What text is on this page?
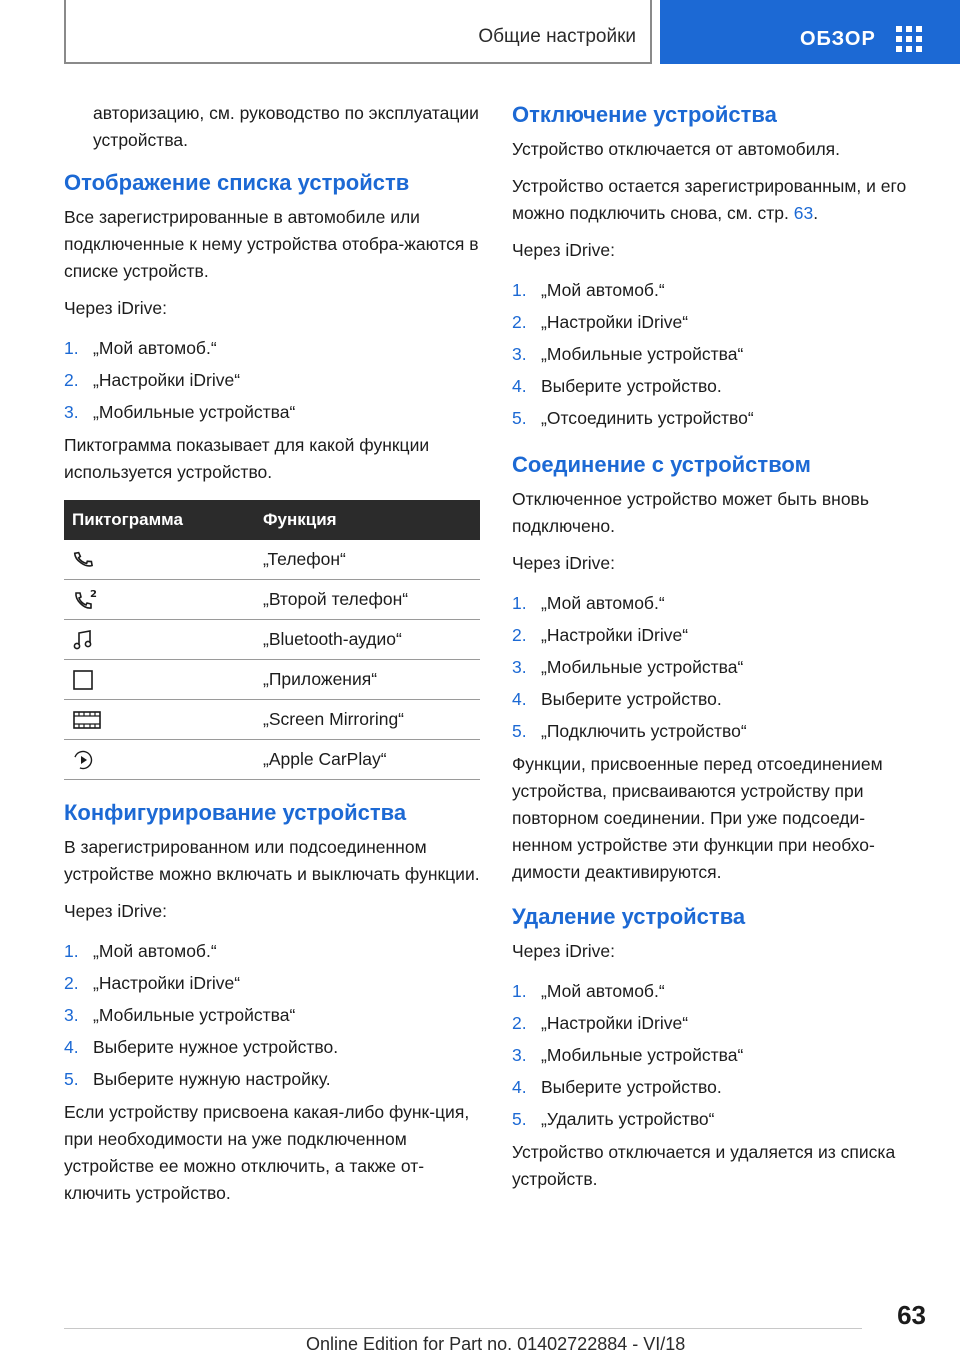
Общие настройки	ОБЗОР

авторизацию, см. руководство по эксплуатации устройства.

Отображение списка устройств

Все зарегистрированные в автомобиле или подключенные к нему устройства отобра-жаются в списке устройств.

Через iDrive:

1. „Мой автомоб.“
2. „Настройки iDrive“
3. „Мобильные устройства“

Пиктограмма показывает для какой функции используется устройство.

Пиктограмма	Функция

	„Телефон“

2	„Второй телефон“

	„Bluetooth-аудио“

	„Приложения“

	„Screen Mirroring“

	„Apple CarPlay“
Конфигурирование устройства

В зарегистрированном или подсоединенном устройстве можно включать и выключать функции.

Через iDrive:

1. „Мой автомоб.“
2. „Настройки iDrive“
3. „Мобильные устройства“
4. Выберите нужное устройство.
5. Выберите нужную настройку.

Если устройству присвоена какая-либо функ-ция, при необходимости на уже подключенном устройстве ее можно отключить, а также от-ключить устройство.

Отключение устройства

Устройство отключается от автомобиля.

Устройство остается зарегистрированным, и его можно подключить снова, см. стр. 63.

Через iDrive:

1. „Мой автомоб.“
2. „Настройки iDrive“
3. „Мобильные устройства“
4. Выберите устройство.
5. „Отсоединить устройство“
Соединение с устройством

Отключенное устройство может быть вновь подключено.

Через iDrive:

1. „Мой автомоб.“
2. „Настройки iDrive“
3. „Мобильные устройства“
4. Выберите устройство.
5. „Подключить устройство“

Функции, присвоенные перед отсоединением устройства, присваиваются устройству при повторном соединении. При уже подсоеди-ненном устройстве эти функции при необхо-димости деактивируются.

Удаление устройства

Через iDrive:

1. „Мой автомоб.“
2. „Настройки iDrive“
3. „Мобильные устройства“
4. Выберите устройство.
5. „Удалить устройство“

Устройство отключается и удаляется из списка устройств.

63
Online Edition for Part no. 01402722884 - VI/18
